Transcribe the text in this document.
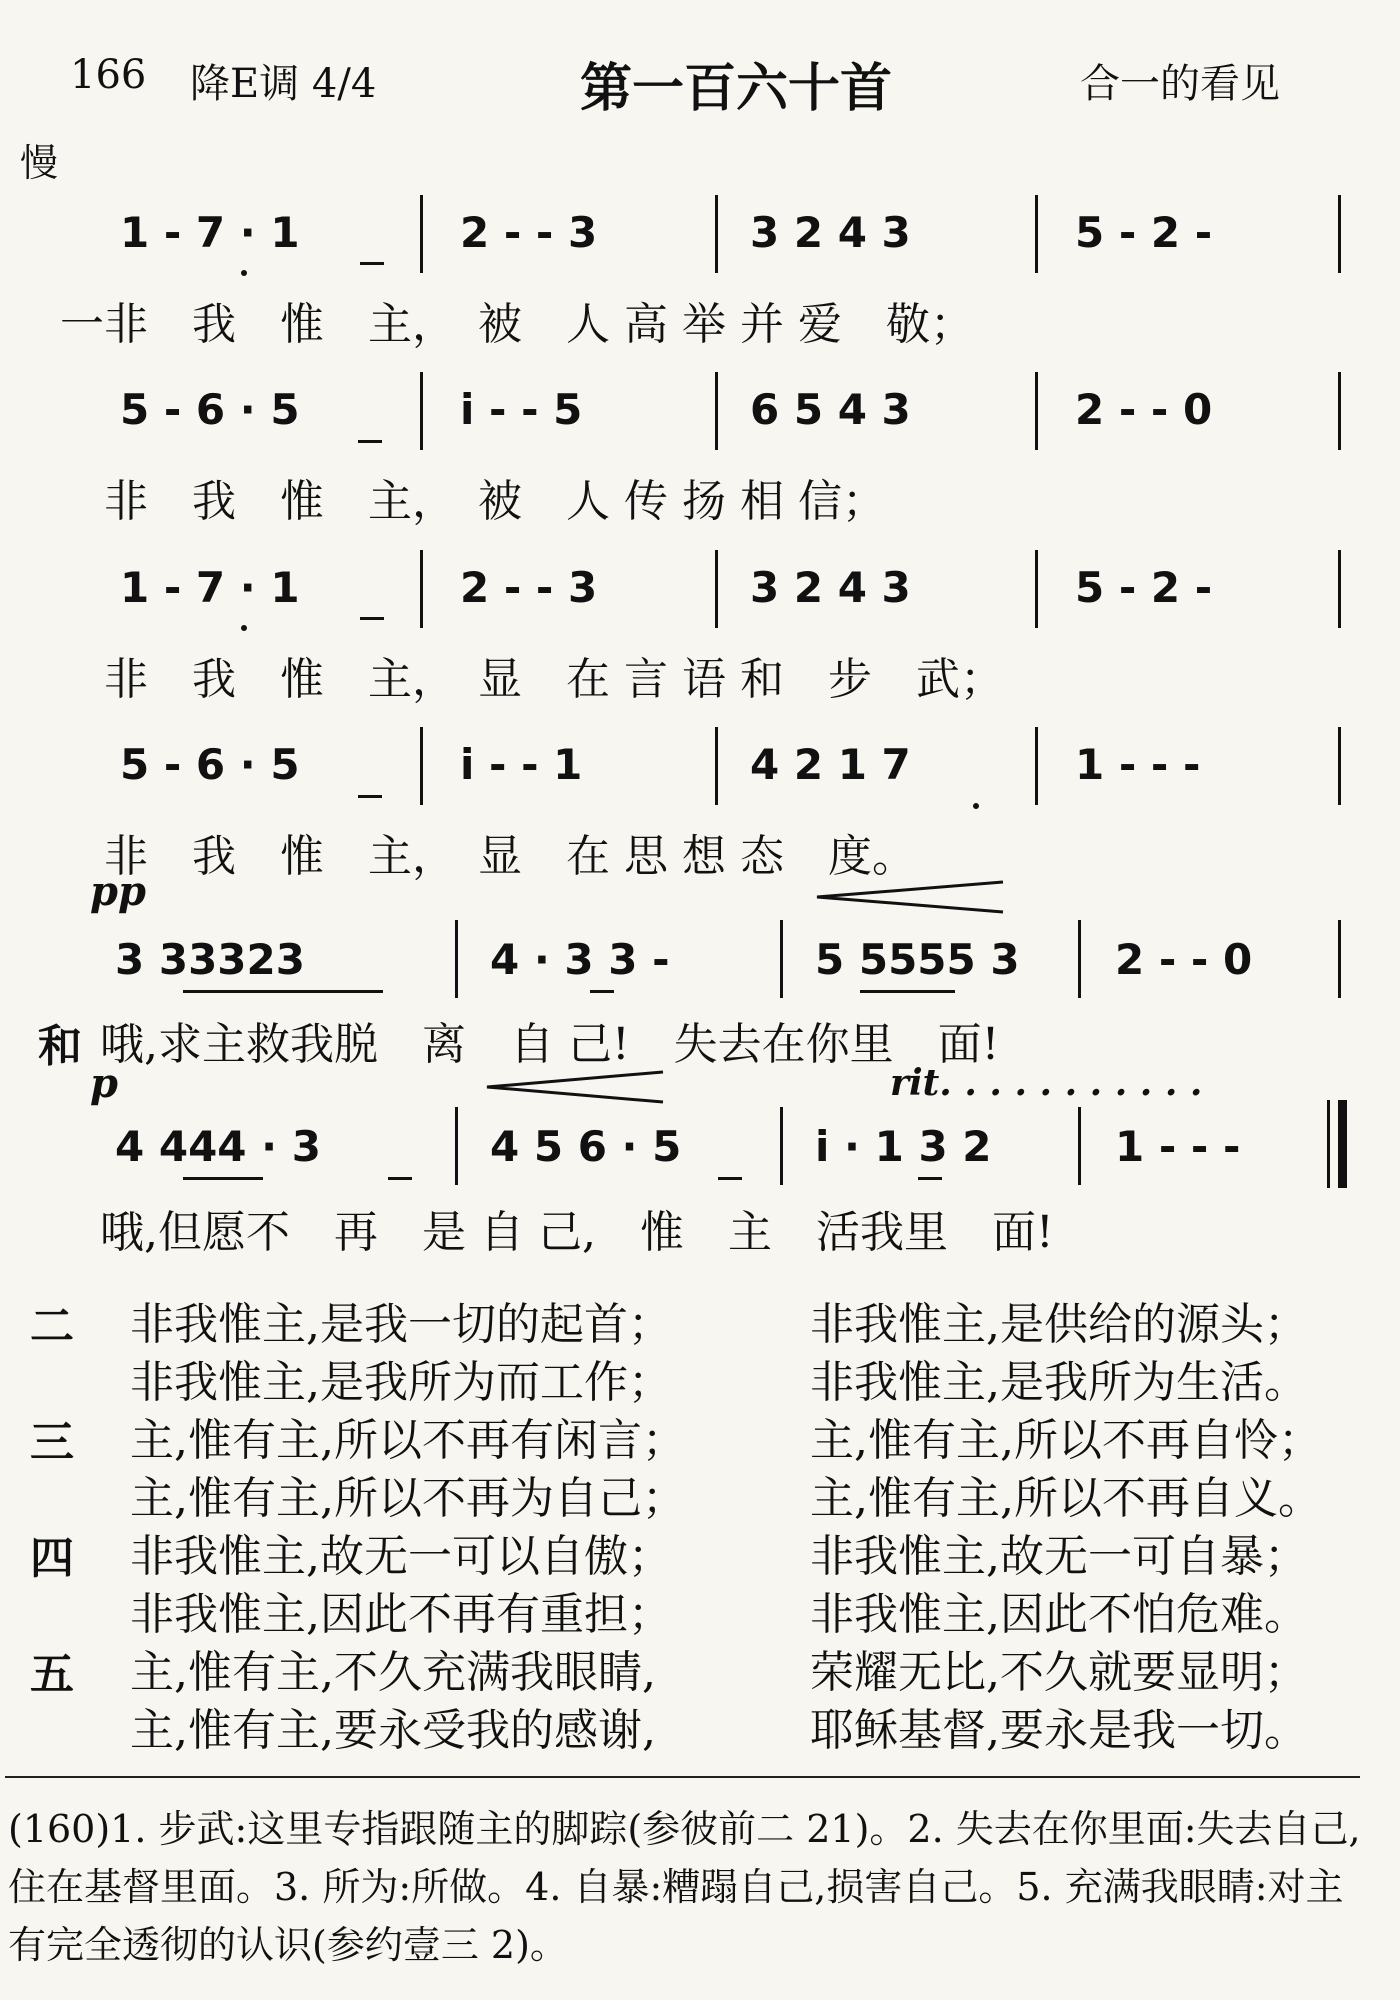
166 降E调 4/4	第一百六十首	合一的看见
慢
1 - 7 · 1	2 - - 3	3 2 4 3	5 - 2 -
一非　我　惟　主，　被　人 高 举 并 爱　敬；
5 - 6 · 5	i - - 5	6 5 4 3	2 - - 0
　非　我　惟　主，　被　人 传 扬 相 信；
1 - 7 · 1	2 - - 3	3 2 4 3	5 - 2 -
　非　我　惟　主，　显　在 言 语 和　步　武；
5 - 6 · 5	i - - 1	4 2 1 7	1 - - -
　非　我　惟　主，　显　在 思 想 态　度。
pp
3 33323	4 · 3 3 -	5 5555 3 2 - - 0
和 哦,求主救我脱　离　自 己!　失去在你里　面!
p	rit. . . . . . . . . . .
4 444 · 3	4 5 6 · 5	i · 1 3 2	1 - - -
哦,但愿不　再　是 自 己,　惟　主　活我里　面!
二 非我惟主,是我一切的起首；	非我惟主,是供给的源头；
非我惟主,是我所为而工作；	非我惟主,是我所为生活。
三 主,惟有主,所以不再有闲言；	主,惟有主,所以不再自怜；
主,惟有主,所以不再为自己；	主,惟有主,所以不再自义。
四 非我惟主,故无一可以自傲；	非我惟主,故无一可自暴；
非我惟主,因此不再有重担；	非我惟主,因此不怕危难。
五 主,惟有主,不久充满我眼睛,	荣耀无比,不久就要显明；
主,惟有主,要永受我的感谢,	耶稣基督,要永是我一切。
(160)1. 步武:这里专指跟随主的脚踪(参彼前二 21)。2. 失去在你里面:失去自己,住在基督里面。3. 所为:所做。4. 自暴:糟蹋自己,损害自己。5. 充满我眼睛:对主有完全透彻的认识(参约壹三 2)。
